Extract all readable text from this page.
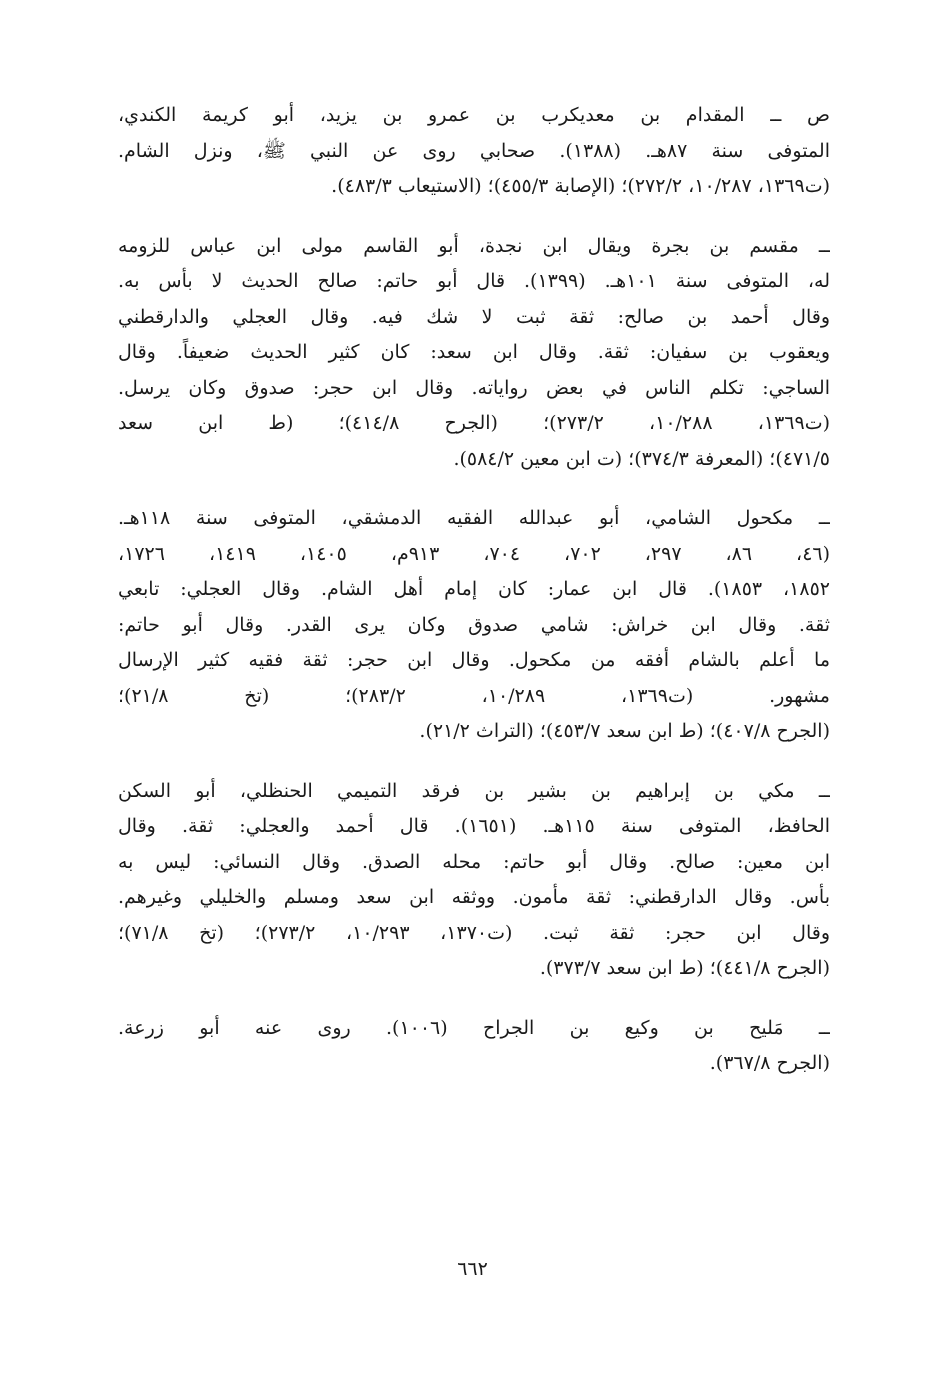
ص ــ المقدام بن معديكرب بن عمرو بن يزيد، أبو كريمة الكندي،
المتوفى سنة ٨٧هـ. (١٣٨٨). صحابي روى عن النبي ﷺ، ونزل الشام.
(ت١٣٦٩، ١٠/٢٨٧، ٢٧٢/٢)؛ (الإصابة ٤٥٥/٣)؛ (الاستيعاب ٤٨٣/٣).
ــ مقسم بن بجرة ويقال ابن نجدة، أبو القاسم مولى ابن عباس للزومه
له، المتوفى سنة ١٠١هـ. (١٣٩٩). قال أبو حاتم: صالح الحديث لا بأس به.
وقال أحمد بن صالح: ثقة ثبت لا شك فيه. وقال العجلي والدارقطني
ويعقوب بن سفيان: ثقة. وقال ابن سعد: كان كثير الحديث ضعيفاً. وقال
الساجي: تكلم الناس في بعض رواياته. وقال ابن حجر: صدوق وكان يرسل.
(ت١٣٦٩، ١٠/٢٨٨، ٢٧٣/٢)؛ (الجرح ٤١٤/٨)؛ (ط ابن سعد
٤٧١/٥)؛ (المعرفة ٣٧٤/٣)؛ (ت ابن معين ٥٨٤/٢).
ــ مكحول الشامي، أبو عبدالله الفقيه الدمشقي، المتوفى سنة ١١٨هـ.
(٤٦، ٨٦، ٢٩٧، ٧٠٢، ٧٠٤، ٩١٣م، ١٤٠٥، ١٤١٩، ١٧٢٦،
١٨٥٢، ١٨٥٣). قال ابن عمار: كان إمام أهل الشام. وقال العجلي: تابعي
ثقة. وقال ابن خراش: شامي صدوق وكان يرى القدر. وقال أبو حاتم:
ما أعلم بالشام أفقه من مكحول. وقال ابن حجر: ثقة فقيه كثير الإرسال
مشهور. (ت١٣٦٩، ١٠/٢٨٩، ٢٨٣/٢)؛ (تخ ٢١/٨)؛
(الجرح ٤٠٧/٨)؛ (ط ابن سعد ٤٥٣/٧)؛ (التراث ٢١/٢).
ــ مكي بن إبراهيم بن بشير بن فرقد التميمي الحنظلي، أبو السكن
الحافظ، المتوفى سنة ١١٥هـ. (١٦٥١). قال أحمد والعجلي: ثقة. وقال
ابن معين: صالح. وقال أبو حاتم: محله الصدق. وقال النسائي: ليس به
بأس. وقال الدارقطني: ثقة مأمون. ووثقه ابن سعد ومسلم والخليلي وغيرهم.
وقال ابن حجر: ثقة ثبت. (ت١٣٧٠، ١٠/٢٩٣، ٢٧٣/٢)؛ (تخ ٧١/٨)؛
(الجرح ٤٤١/٨)؛ (ط ابن سعد ٣٧٣/٧).
ــ مَليح بن وكيع بن الجراح (١٠٠٦). روى عنه أبو زرعة.
(الجرح ٣٦٧/٨).
٦٦٢
